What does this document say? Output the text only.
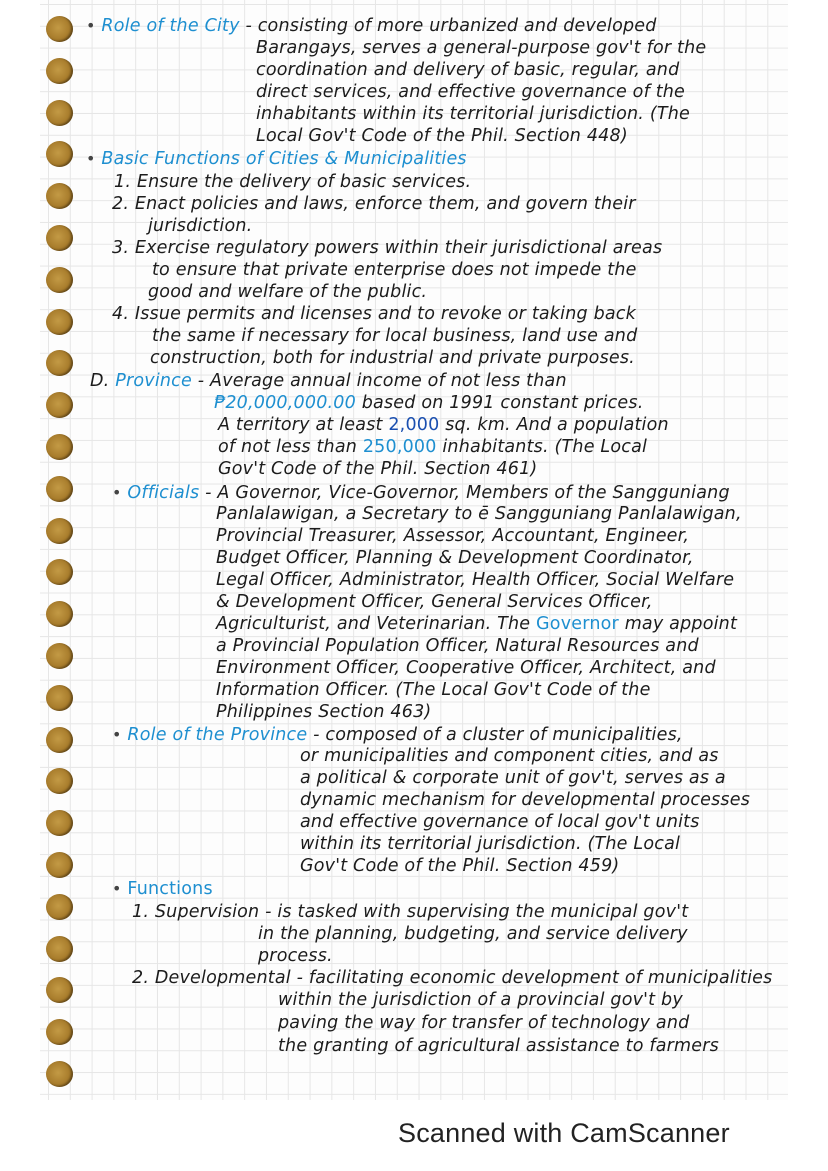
• Role of the City - consisting of more urbanized and developed
Barangays, serves a general-purpose gov't for the
coordination and delivery of basic, regular, and
direct services, and effective governance of the
inhabitants within its territorial jurisdiction. (The
Local Gov't Code of the Phil. Section 448)
• Basic Functions of Cities & Municipalities
1. Ensure the delivery of basic services.
2. Enact policies and laws, enforce them, and govern their
jurisdiction.
3. Exercise regulatory powers within their jurisdictional areas
to ensure that private enterprise does not impede the
good and welfare of the public.
4. Issue permits and licenses and to revoke or taking back
the same if necessary for local business, land use and
construction, both for industrial and private purposes.
D. Province - Average annual income of not less than
₱20,000,000.00 based on 1991 constant prices.
A territory at least 2,000 sq. km. And a population
of not less than 250,000 inhabitants. (The Local
Gov't Code of the Phil. Section 461)
• Officials - A Governor, Vice-Governor, Members of the Sangguniang
Panlalawigan, a Secretary to ē Sangguniang Panlalawigan,
Provincial Treasurer, Assessor, Accountant, Engineer,
Budget Officer, Planning & Development Coordinator,
Legal Officer, Administrator, Health Officer, Social Welfare
& Development Officer, General Services Officer,
Agriculturist, and Veterinarian. The Governor may appoint
a Provincial Population Officer, Natural Resources and
Environment Officer, Cooperative Officer, Architect, and
Information Officer. (The Local Gov't Code of the
Philippines Section 463)
• Role of the Province - composed of a cluster of municipalities,
or municipalities and component cities, and as
a political & corporate unit of gov't, serves as a
dynamic mechanism for developmental processes
and effective governance of local gov't units
within its territorial jurisdiction. (The Local
Gov't Code of the Phil. Section 459)
• Functions
1. Supervision - is tasked with supervising the municipal gov't
in the planning, budgeting, and service delivery
process.
2. Developmental - facilitating economic development of municipalities
within the jurisdiction of a provincial gov't by
paving the way for transfer of technology and
the granting of agricultural assistance to farmers
Scanned with CamScanner
